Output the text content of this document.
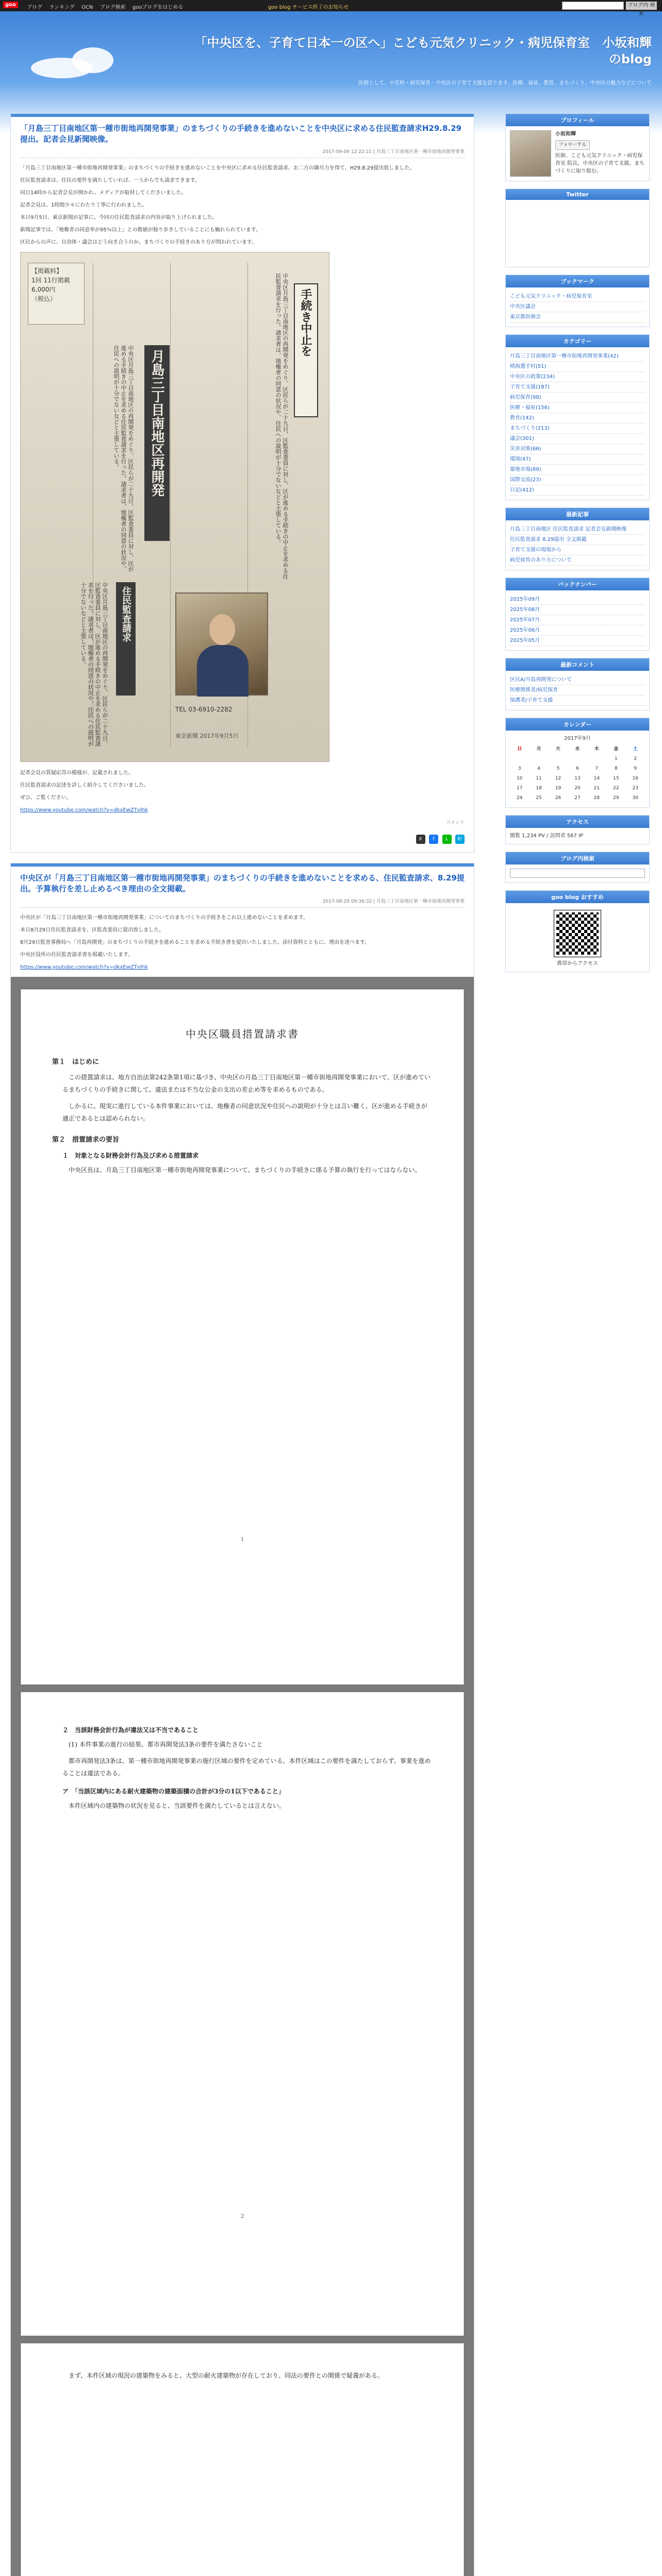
goo	ブログ ランキング OCN ブログ検索 gooブログをはじめる	goo blog サービス終了のお知らせ	ブログ内 検索
「中央区を、子育て日本一の区へ」こども元気クリニック・病児保育室　小坂和輝のblog
医師として、小児科・病児保育・中央区の子育て支援を語ります。医療、福祉、教育、まちづくり、中央区の魅力などについて
「月島三丁目南地区第一種市街地再開発事業」のまちづくりの手続きを進めないことを中央区に求める住民監査請求H29.8.29提出。記者会見新聞映像。
2017-09-06 12:22:21 | 月島三丁目南地区第一種市街地再開発事業

「月島三丁目南地区第一種市街地再開発事業」のまちづくりの手続きを進めないことを中央区に求める住民監査請求、お二方の御尽力を得て、H29.8.29提出致しました。

住民監査請求は、住民の要件を満たしていれば、一人からでも請求できます。

同日14時から記者会見が開かれ、メディアが取材してくださいました。

記者会見は、1時間少々にわたり丁寧に行われました。

本日9月5日、東京新聞が記事に。今回の住民監査請求の内容が取り上げられました。

新聞記事では、「地権者の同意率が95％以上」との数値が独り歩きしていることにも触れられています。

区民からの声に、自治体・議会はどう向き合うのか。まちづくりの手続きのあり方が問われています。

【掲載料】
1回 11行掲載
6,000円
（税込）
月島三丁目南地区再開発
手続き中止を
住民監査請求
中央区月島三丁目南地区の再開発をめぐり、区民らが二十九日、区監査委員に対し、区が進める手続きの中止を求める住民監査請求を行った。請求者は、地権者の同意の状況や、住民への説明が十分でないなどと主張している。
中央区月島三丁目南地区の再開発をめぐり、区民らが二十九日、区監査委員に対し、区が進める手続きの中止を求める住民監査請求を行った。請求者は、地権者の同意の状況や、住民への説明が十分でないなどと主張している。
中央区月島三丁目南地区の再開発をめぐり、区民らが二十九日、区監査委員に対し、区が進める手続きの中止を求める住民監査請求を行った。請求者は、地権者の同意の状況や、住民への説明が十分でないなどと主張している。
TEL 03-6910-2282
東京新聞 2017年9月5日

記者会見の質疑応答の模様が、記載されました。

住民監査請求の記述を詳しく紹介してくださいました。

ぜひ、ご覧ください。

https://www.youtube.com/watch?v=dkxEwZTvIhk

コメント
X f L B!
中央区が「月島三丁目南地区第一種市街地再開発事業」のまちづくりの手続きを進めないことを求める、住民監査請求、8.29提出。予算執行を差し止めるべき理由の全文掲載。
2017-08-29 09:36:32 | 月島三丁目南地区第一種市街地再開発事業

中央区が「月島三丁目南地区第一種市街地再開発事業」についてのまちづくりの手続きをこれ以上進めないことを求めます。

本日8月29日住民監査請求を、区監査委員に提出致しました。

8月29日監査事務局へ「月島再開発」のまちづくりの手続きを進めることを求める手続き書を提出いたしました。添付資料とともに、理由を述べます。

中央区役所の住民監査請求書を掲載いたします。

https://www.youtube.com/watch?v=dkxEwZTvIhk

中央区職員措置請求書
第１　はじめに
この措置請求は、地方自治法第242条第1項に基づき、中央区の月島三丁目南地区第一種市街地再開発事業において、区が進めているまちづくりの手続きに関して、違法または不当な公金の支出の差止め等を求めるものである。
しかるに、現実に進行している本件事業においては、地権者の同意状況や住民への説明が十分とは言い難く、区が進める手続きが適正であるとは認められない。
第２　措置請求の要旨
１　対象となる財務会計行為及び求める措置請求
中央区長は、月島三丁目南地区第一種市街地再開発事業について、まちづくりの手続きに係る予算の執行を行ってはならない。
1
２　当該財務会計行為が違法又は不当であること
(1) 本件事業の進行の結果、都市再開発法3条の要件を満たさないこと
都市再開発法3条は、第一種市街地再開発事業の施行区域の要件を定めている。本件区域はこの要件を満たしておらず、事業を進めることは違法である。
ア　「当該区域内にある耐火建築物の建築面積の合計が3分の1以下であること」
本件区域内の建築物の状況を見ると、当該要件を満たしているとは言えない。
2
まず、本件区域の現況の建築物をみると、大型の耐火建築物が存在しており、同法の要件との関係で疑義がある。
プロフィール
小坂和輝
フォローする
医師。こども元気クリニック・病児保育室 院長。中央区の子育て支援、まちづくりに取り組む。
Twitter
ブックマーク
こども元気クリニック・病児保育室
中央区議会
東京都医師会
カテゴリー
月島三丁目南地区第一種市街地再開発事業(42)
晴海選手村(51)
中央区の政策(234)
子育て支援(187)
病児保育(98)
医療・福祉(156)
教育(142)
まちづくり(213)
議会(301)
災害対策(66)
環境(47)
築地市場(89)
国際交流(23)
日記(412)
最新記事
月島三丁目南地区 住民監査請求 記者会見新聞映像
住民監査請求 8.29提出 全文掲載
子育て支援の現場から
病児保育のあり方について
バックナンバー
2025年09月
2025年08月
2025年07月
2025年06月
2025年05月
最新コメント
区民A/月島再開発について
医療関係者/病児保育
保護者/子育て支援
カレンダー
2017年9月
日	月	火	水	木	金	土
					1	2
3	4	5	6	7	8	9
10	11	12	13	14	15	16
17	18	19	20	21	22	23
24	25	26	27	28	29	30
アクセス
閲覧 1,234 PV / 訪問者 567 IP
ブログ内検索
goo blog おすすめ
携帯からアクセス
